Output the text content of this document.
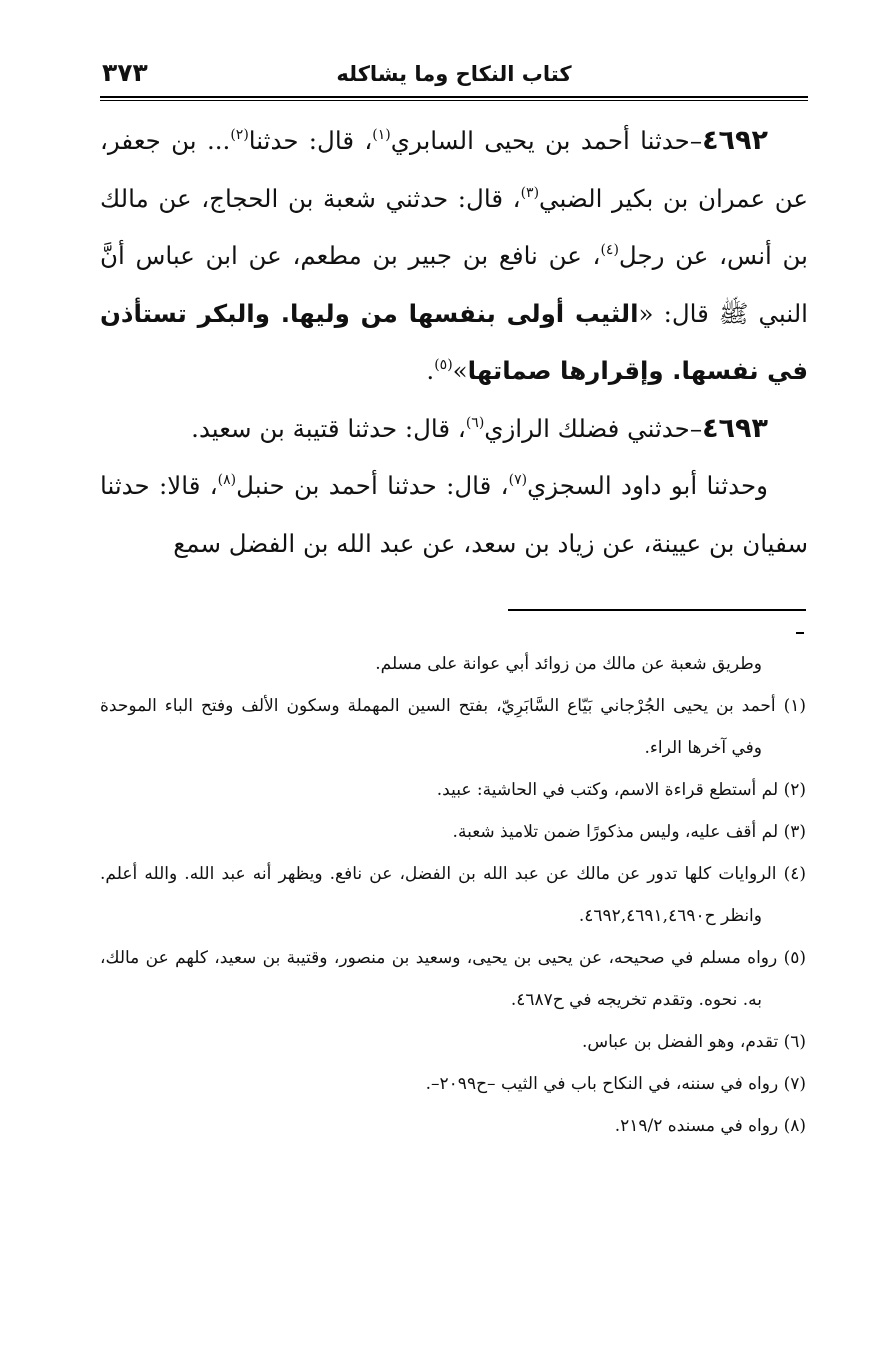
٣٧٣	كتاب النكاح وما يشاكله

٤٦٩٢–حدثنا أحمد بن يحيى السابري$^{(١)}$، قال: حدثنا$^{(٢)}$... بن جعفر، عن عمران بن بكير الضبي$^{(٣)}$، قال: حدثني شعبة بن الحجاج، عن مالك بن أنس، عن رجل$^{(٤)}$، عن نافع بن جبير بن مطعم، عن ابن عباس أنَّ النبي ﷺ قال: «الثيب أولى بنفسها من وليها. والبكر تستأذن في نفسها. وإقرارها صماتها»$^{(٥)}$.

٤٦٩٣–حدثني فضلك الرازي$^{(٦)}$، قال: حدثنا قتيبة بن سعيد.

وحدثنا أبو داود السجزي$^{(٧)}$، قال: حدثنا أحمد بن حنبل$^{(٨)}$، قالا: حدثنا سفيان بن عيينة، عن زياد بن سعد، عن عبد الله بن الفضل سمع

وطريق شعبة عن مالك من زوائد أبي عوانة على مسلم.

(١) أحمد بن يحيى الجُرْجاني بَيّاع السَّابَرِيّ، بفتح السين المهملة وسكون الألف وفتح الباء الموحدة وفي آخرها الراء.

(٢) لم أستطع قراءة الاسم، وكتب في الحاشية: عبيد.

(٣) لم أقف عليه، وليس مذكورًا ضمن تلاميذ شعبة.

(٤) الروايات كلها تدور عن مالك عن عبد الله بن الفضل، عن نافع. ويظهر أنه عبد الله. والله أعلم. وانظر ح٤٦٩٢,٤٦٩١,٤٦٩٠.

(٥) رواه مسلم في صحيحه، عن يحيى بن يحيى، وسعيد بن منصور، وقتيبة بن سعيد، كلهم عن مالك، به. نحوه. وتقدم تخريجه في ح٤٦٨٧.

(٦) تقدم، وهو الفضل بن عباس.

(٧) رواه في سننه، في النكاح باب في الثيب –ح٢٠٩٩–.

(٨) رواه في مسنده ٢١٩/٢.
